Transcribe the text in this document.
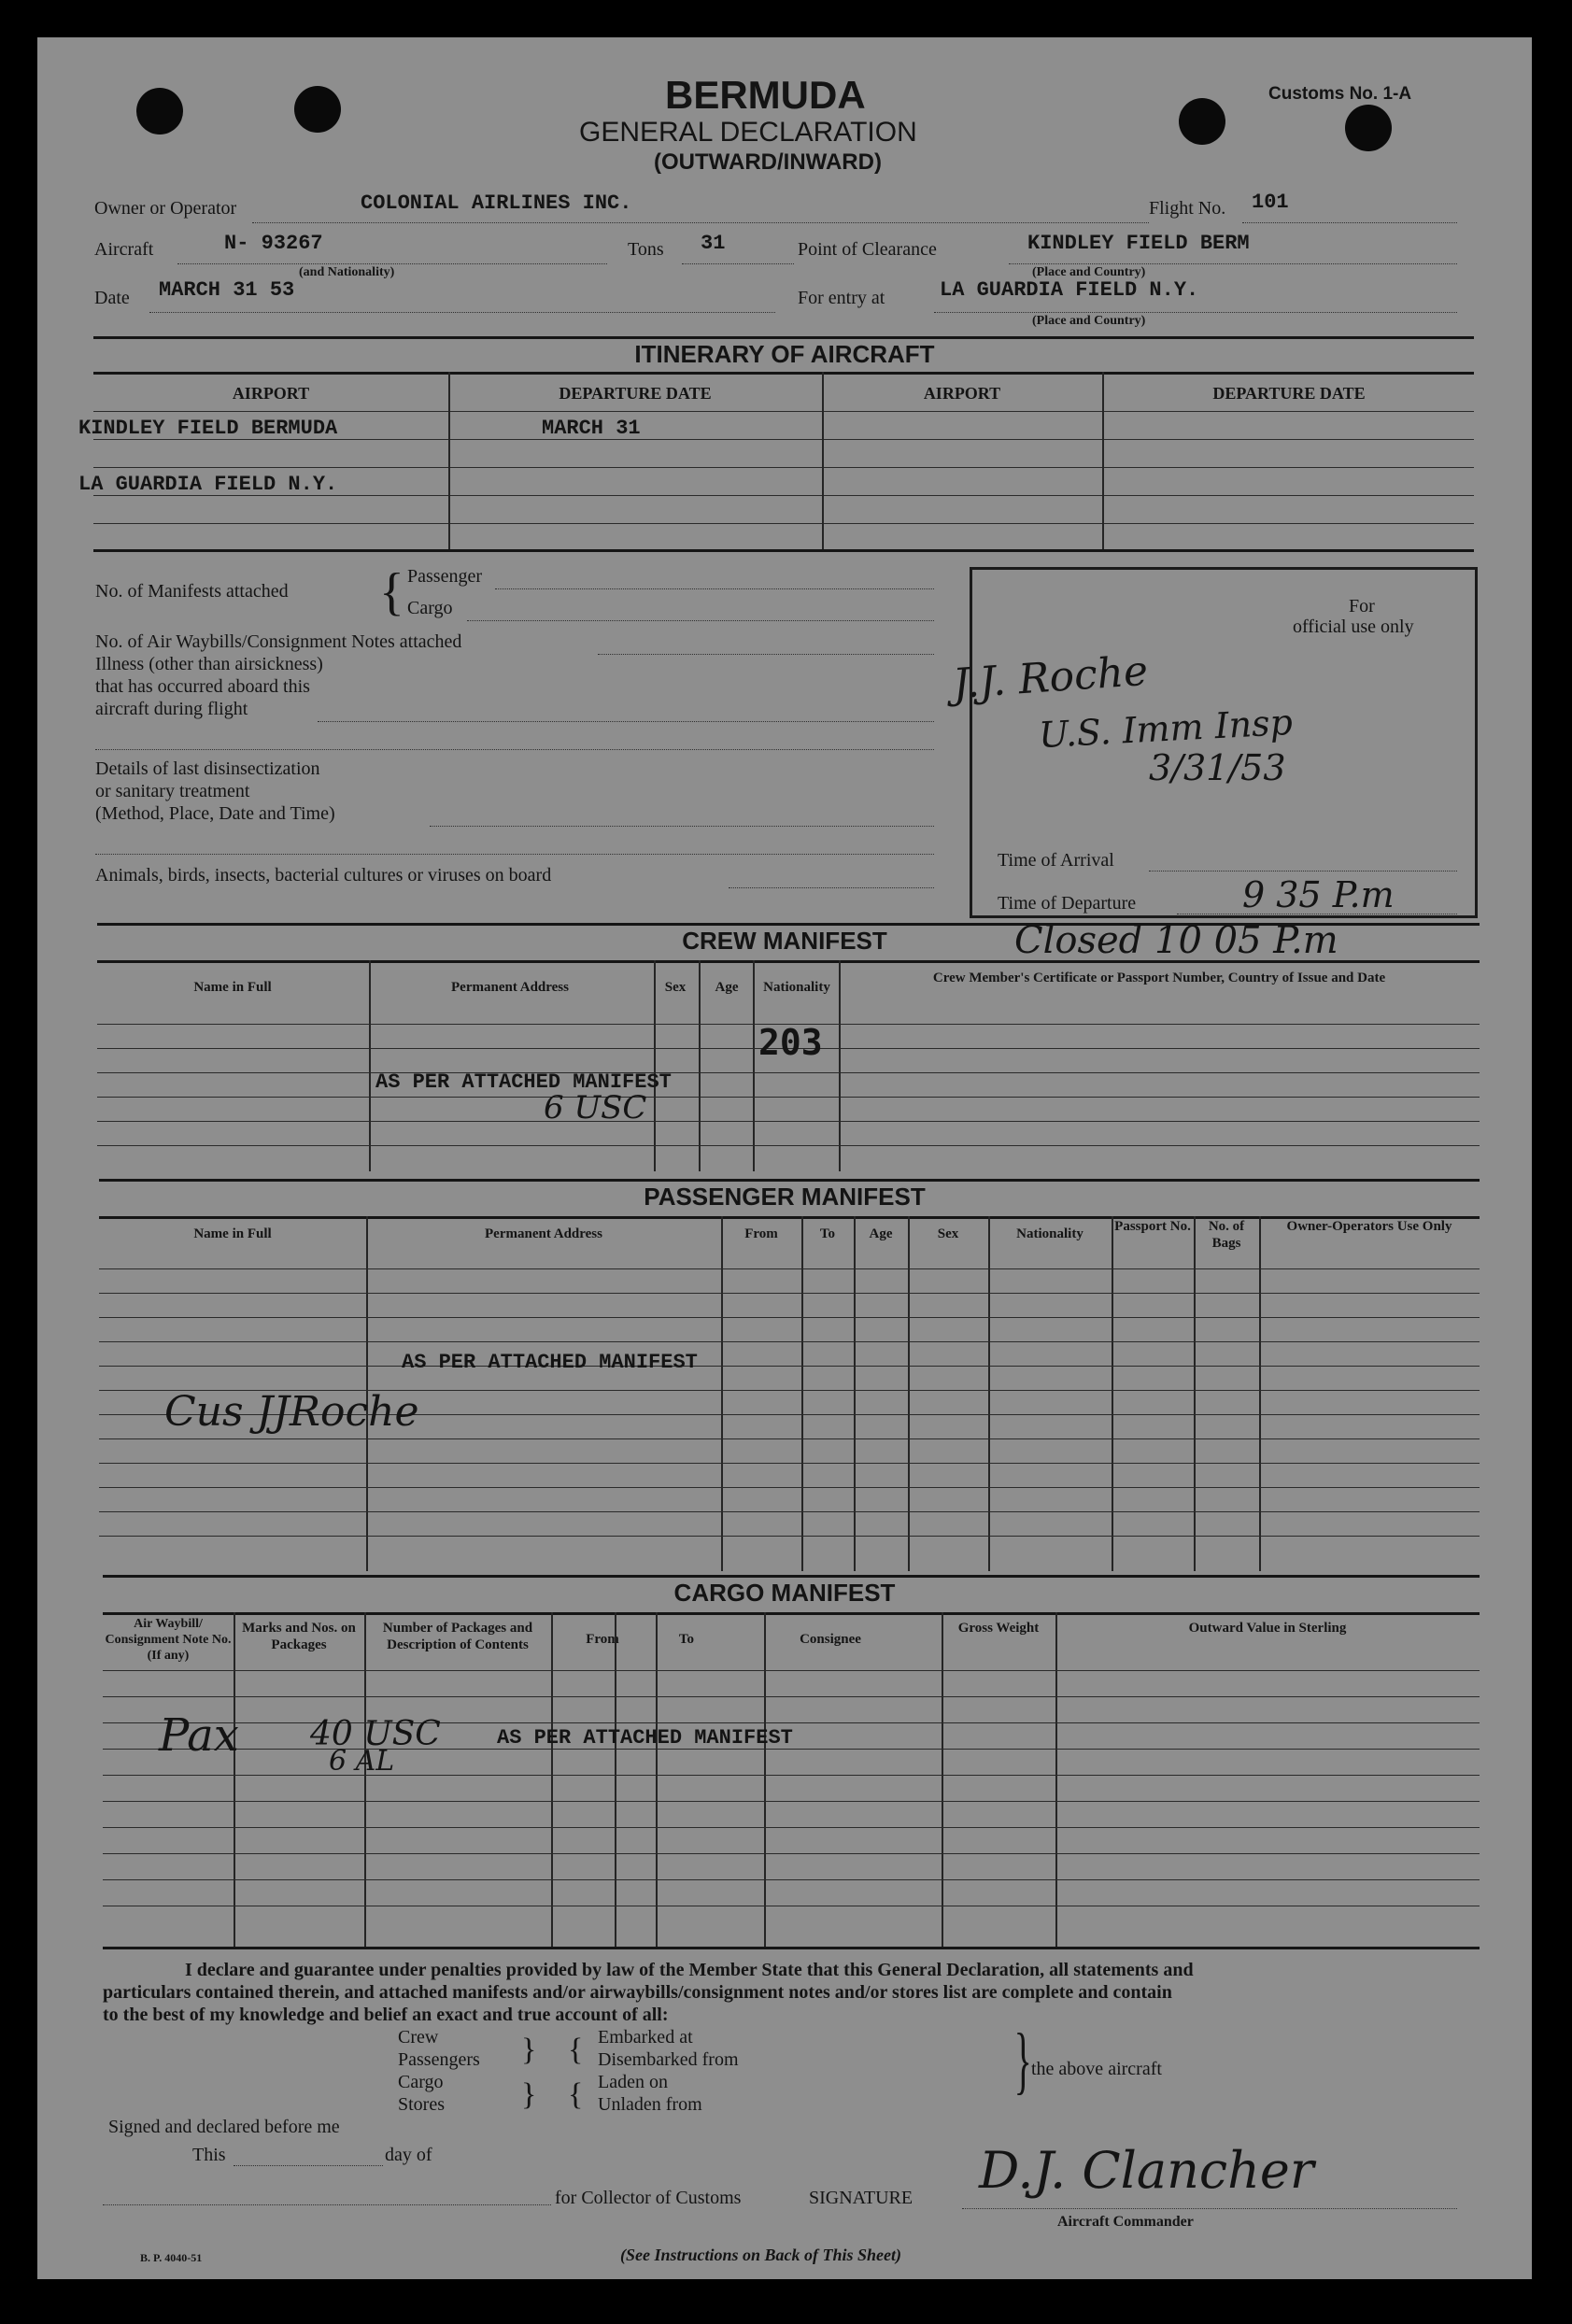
BERMUDA
GENERAL DECLARATION
(OUTWARD/INWARD)
Customs No. 1-A
Owner or Operator	COLONIAL AIRLINES INC.	Flight No. 101
Aircraft	N- 93267
(and Nationality)
Tons 31	Point of Clearance	KINDLEY FIELD BERM
(Place and Country)
Date MARCH 31 53	For entry at	LA GUARDIA FIELD N.Y.
(Place and Country)
ITINERARY OF AIRCRAFT
AIRPORT	DEPARTURE DATE	AIRPORT	DEPARTURE DATE
KINDLEY FIELD BERMUDA	MARCH 31
LA GUARDIA FIELD N.Y.
No. of Manifests attached { Passenger
Cargo
No. of Air Waybills/Consignment Notes attached
Illness (other than airsickness)
that has occurred aboard this
aircraft during flight
Details of last disinsectization
or sanitary treatment
(Method, Place, Date and Time)
Animals, birds, insects, bacterial cultures or viruses on board
For
official use only
J.J. Roche
U.S. Imm Insp
3/31/53
Time of Arrival
Time of Departure	9 35 P.m
CREW MANIFEST	Closed 10 05 P.m
Name in Full	Permanent Address	Sex	Age	Nationality
Crew Member's Certificate or Passport Number, Country of Issue and Date
203
AS PER ATTACHED MANIFEST
6 USC
PASSENGER MANIFEST
Name in Full	Permanent Address	From	To	Age	Sex	Nationality	Passport No.	No. of Bags
Owner-Operators Use Only
AS PER ATTACHED MANIFEST
Cus JJRoche
CARGO MANIFEST
Air Waybill/ Consignment Note No. (If any)
Marks and Nos. on Packages
Number of Packages and Description of Contents	From	To	Consignee
Gross Weight	Outward Value in Sterling
Pax 40 USC
6 AL
AS PER ATTACHED MANIFEST
I declare and guarantee under penalties provided by law of the Member State that this General Declaration, all statements and
particulars contained therein, and attached manifests and/or airwaybills/consignment notes and/or stores list are complete and contain
to the best of my knowledge and belief an exact and true account of all:
Crew
Passengers
Cargo
Stores
}
}
{
{
Embarked at
Disembarked from
Laden on
Unladen from
} the above aircraft
Signed and declared before me
This	day of
for Collector of Customs	SIGNATURE D.J. Clancher
Aircraft Commander
B. P. 4040-51	(See Instructions on Back of This Sheet)
